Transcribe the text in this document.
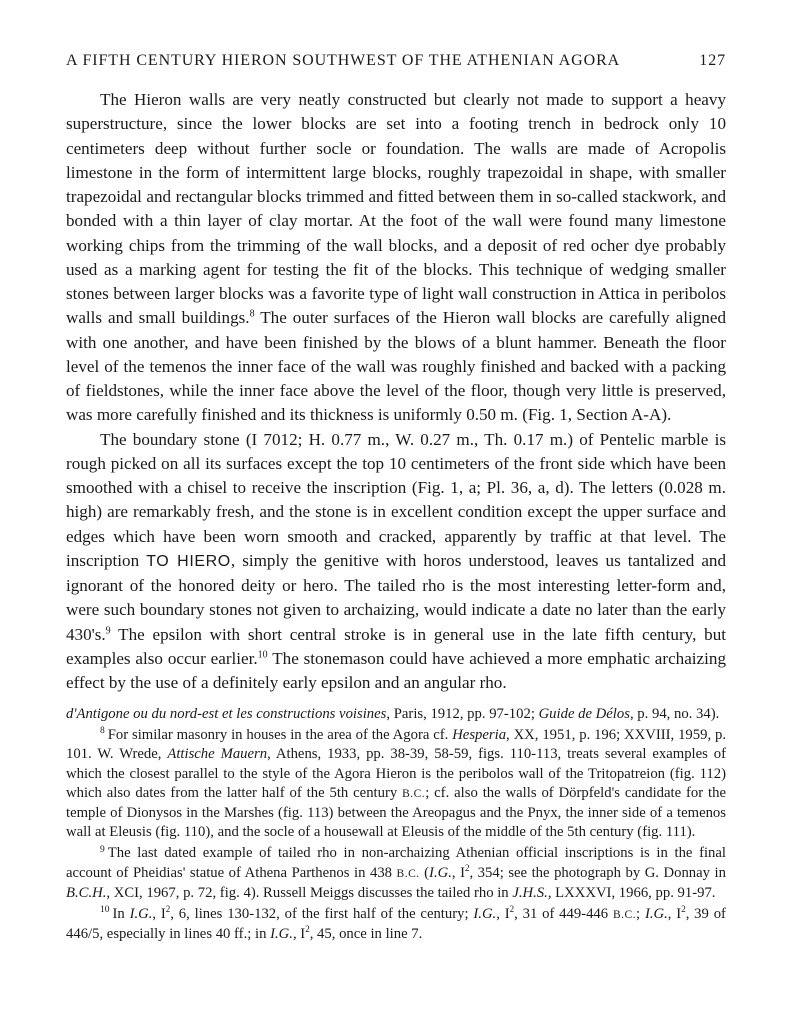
A FIFTH CENTURY HIERON SOUTHWEST OF THE ATHENIAN AGORA	127

The Hieron walls are very neatly constructed but clearly not made to support a heavy superstructure, since the lower blocks are set into a footing trench in bedrock only 10 centimeters deep without further socle or foundation. The walls are made of Acropolis limestone in the form of intermittent large blocks, roughly trapezoidal in shape, with smaller trapezoidal and rectangular blocks trimmed and fitted between them in so-called stackwork, and bonded with a thin layer of clay mortar. At the foot of the wall were found many limestone working chips from the trimming of the wall blocks, and a deposit of red ocher dye probably used as a marking agent for testing the fit of the blocks. This technique of wedging smaller stones between larger blocks was a favorite type of light wall construction in Attica in peribolos walls and small buildings.$^8$ The outer surfaces of the Hieron wall blocks are carefully aligned with one another, and have been finished by the blows of a blunt hammer. Beneath the floor level of the temenos the inner face of the wall was roughly finished and backed with a packing of fieldstones, while the inner face above the level of the floor, though very little is preserved, was more carefully finished and its thickness is uniformly 0.50 m. (Fig. 1, Section A-A).

The boundary stone (I 7012; H. 0.77 m., W. 0.27 m., Th. 0.17 m.) of Pentelic marble is rough picked on all its surfaces except the top 10 centimeters of the front side which have been smoothed with a chisel to receive the inscription (Fig. 1, a; Pl. 36, a, d). The letters (0.028 m. high) are remarkably fresh, and the stone is in excellent condition except the upper surface and edges which have been worn smooth and cracked, apparently by traffic at that level. The inscription TO HIERO, simply the genitive with horos understood, leaves us tantalized and ignorant of the honored deity or hero. The tailed rho is the most interesting letter-form and, were such boundary stones not given to archaizing, would indicate a date no later than the early 430's.$^9$ The epsilon with short central stroke is in general use in the late fifth century, but examples also occur earlier.$^{10}$ The stonemason could have achieved a more emphatic archaizing effect by the use of a definitely early epsilon and an angular rho.

d'Antigone ou du nord-est et les constructions voisines, Paris, 1912, pp. 97-102; Guide de Délos, p. 94, no. 34).

$^8$ For similar masonry in houses in the area of the Agora cf. Hesperia, XX, 1951, p. 196; XXVIII, 1959, p. 101. W. Wrede, Attische Mauern, Athens, 1933, pp. 38-39, 58-59, figs. 110-113, treats several examples of which the closest parallel to the style of the Agora Hieron is the peribolos wall of the Tritopatreion (fig. 112) which also dates from the latter half of the 5th century B.C.; cf. also the walls of Dörpfeld's candidate for the temple of Dionysos in the Marshes (fig. 113) between the Areopagus and the Pnyx, the inner side of a temenos wall at Eleusis (fig. 110), and the socle of a housewall at Eleusis of the middle of the 5th century (fig. 111).

$^9$ The last dated example of tailed rho in non-archaizing Athenian official inscriptions is in the final account of Pheidias' statue of Athena Parthenos in 438 B.C. (I.G., $I^2$, 354; see the photograph by G. Donnay in B.C.H., XCI, 1967, p. 72, fig. 4). Russell Meiggs discusses the tailed rho in J.H.S., LXXXVI, 1966, pp. 91-97.

$^{10}$ In I.G., $I^2$, 6, lines 130-132, of the first half of the century; I.G., $I^2$, 31 of 449-446 B.C.; I.G., $I^2$, 39 of 446/5, especially in lines 40 ff.; in I.G., $I^2$, 45, once in line 7.
